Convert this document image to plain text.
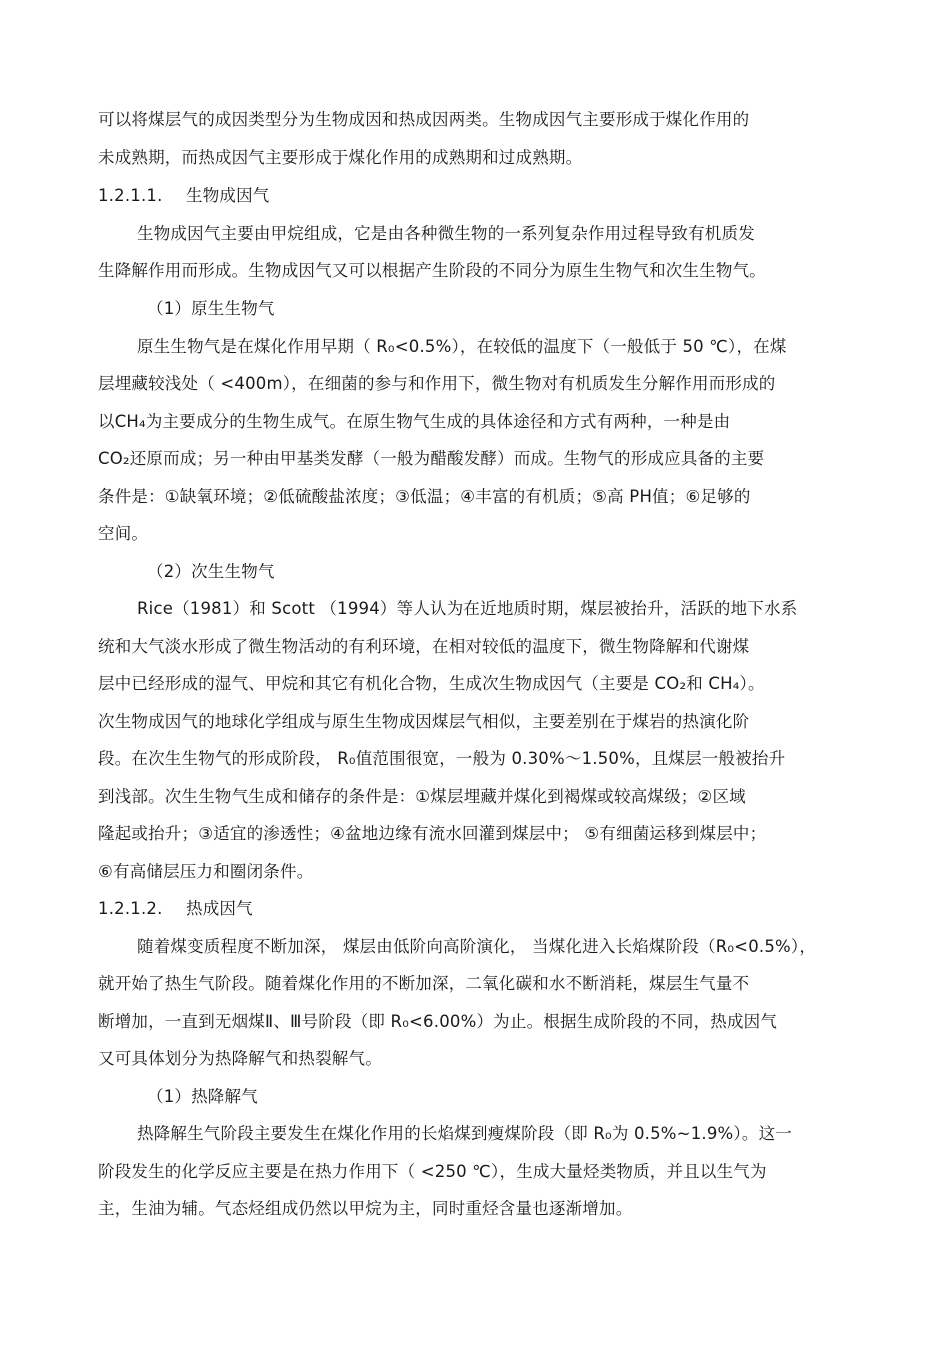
可以将煤层气的成因类型分为生物成因和热成因两类。生物成因气主要形成于煤化作用的
未成熟期，而热成因气主要形成于煤化作用的成熟期和过成熟期。
1.2.1.1. 生物成因气
生物成因气主要由甲烷组成，它是由各种微生物的一系列复杂作用过程导致有机质发
生降解作用而形成。生物成因气又可以根据产生阶段的不同分为原生生物气和次生生物气。
（1）原生生物气
原生生物气是在煤化作用早期（ R₀<0.5%），在较低的温度下（一般低于 50 ℃），在煤
层埋藏较浅处（ <400m），在细菌的参与和作用下，微生物对有机质发生分解作用而形成的
以CH₄为主要成分的生物生成气。在原生物气生成的具体途径和方式有两种，一种是由
CO₂还原而成；另一种由甲基类发酵（一般为醋酸发酵）而成。生物气的形成应具备的主要
条件是：①缺氧环境；②低硫酸盐浓度；③低温；④丰富的有机质；⑤高 PH值；⑥足够的
空间。
（2）次生生物气
Rice（1981）和 Scott （1994）等人认为在近地质时期，煤层被抬升，活跃的地下水系
统和大气淡水形成了微生物活动的有利环境，在相对较低的温度下，微生物降解和代谢煤
层中已经形成的湿气、甲烷和其它有机化合物，生成次生物成因气（主要是 CO₂和 CH₄）。
次生物成因气的地球化学组成与原生生物成因煤层气相似，主要差别在于煤岩的热演化阶
段。在次生生物气的形成阶段， R₀值范围很宽，一般为 0.30%～1.50%，且煤层一般被抬升
到浅部。次生生物气生成和储存的条件是：①煤层埋藏并煤化到褐煤或较高煤级；②区域
隆起或抬升；③适宜的渗透性；④盆地边缘有流水回灌到煤层中； ⑤有细菌运移到煤层中；
⑥有高储层压力和圈闭条件。
1.2.1.2. 热成因气
随着煤变质程度不断加深， 煤层由低阶向高阶演化， 当煤化进入长焰煤阶段（R₀<0.5%），
就开始了热生气阶段。随着煤化作用的不断加深，二氧化碳和水不断消耗，煤层生气量不
断增加，一直到无烟煤Ⅱ、Ⅲ号阶段（即 R₀<6.00%）为止。根据生成阶段的不同，热成因气
又可具体划分为热降解气和热裂解气。
（1）热降解气
热降解生气阶段主要发生在煤化作用的长焰煤到瘦煤阶段（即 R₀为 0.5%~1.9%）。这一
阶段发生的化学反应主要是在热力作用下（ <250 ℃），生成大量烃类物质，并且以生气为
主，生油为辅。气态烃组成仍然以甲烷为主，同时重烃含量也逐渐增加。
